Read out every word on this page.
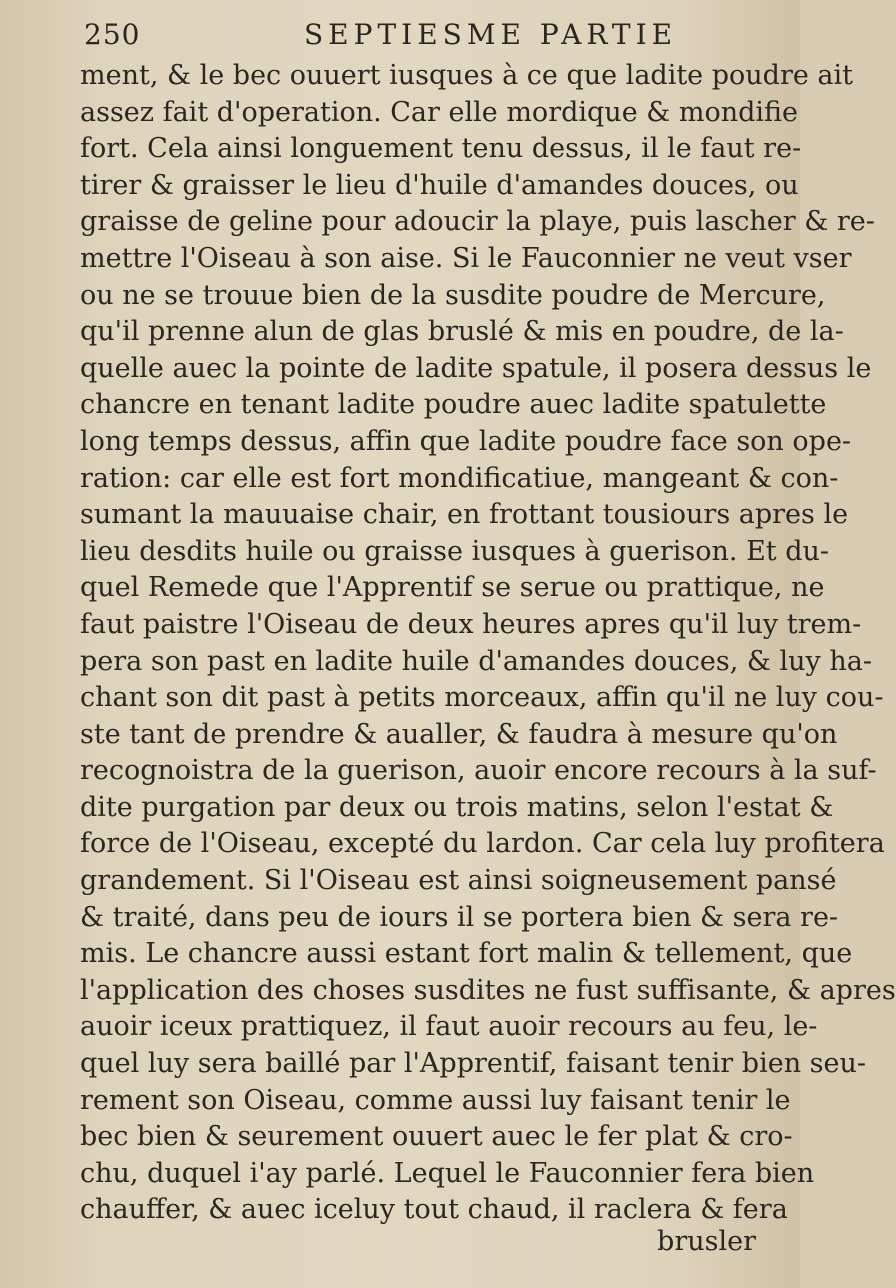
250	SEPTIESME PARTIE
ment, & le bec ouuert iusques à ce que ladite poudre ait
assez fait d'operation. Car elle mordique & mondifie
fort. Cela ainsi longuement tenu dessus, il le faut re-
tirer & graisser le lieu d'huile d'amandes douces, ou
graisse de geline pour adoucir la playe, puis lascher & re-
mettre l'Oiseau à son aise. Si le Fauconnier ne veut vser
ou ne se trouue bien de la susdite poudre de Mercure,
qu'il prenne alun de glas bruslé & mis en poudre, de la-
quelle auec la pointe de ladite spatule, il posera dessus le
chancre en tenant ladite poudre auec ladite spatulette
long temps dessus, affin que ladite poudre face son ope-
ration: car elle est fort mondificatiue, mangeant & con-
sumant la mauuaise chair, en frottant tousiours apres le
lieu desdits huile ou graisse iusques à guerison. Et du-
quel Remede que l'Apprentif se serue ou prattique, ne
faut paistre l'Oiseau de deux heures apres qu'il luy trem-
pera son past en ladite huile d'amandes douces, & luy ha-
chant son dit past à petits morceaux, affin qu'il ne luy cou-
ste tant de prendre & aualler, & faudra à mesure qu'on
recognoistra de la guerison, auoir encore recours à la suf-
dite purgation par deux ou trois matins, selon l'estat &
force de l'Oiseau, excepté du lardon. Car cela luy profitera
grandement. Si l'Oiseau est ainsi soigneusement pansé
& traité, dans peu de iours il se portera bien & sera re-
mis. Le chancre aussi estant fort malin & tellement, que
l'application des choses susdites ne fust suffisante, & apres
auoir iceux prattiquez, il faut auoir recours au feu, le-
quel luy sera baillé par l'Apprentif, faisant tenir bien seu-
rement son Oiseau, comme aussi luy faisant tenir le
bec bien & seurement ouuert auec le fer plat & cro-
chu, duquel i'ay parlé. Lequel le Fauconnier fera bien
chauffer, & auec iceluy tout chaud, il raclera & fera
brusler
